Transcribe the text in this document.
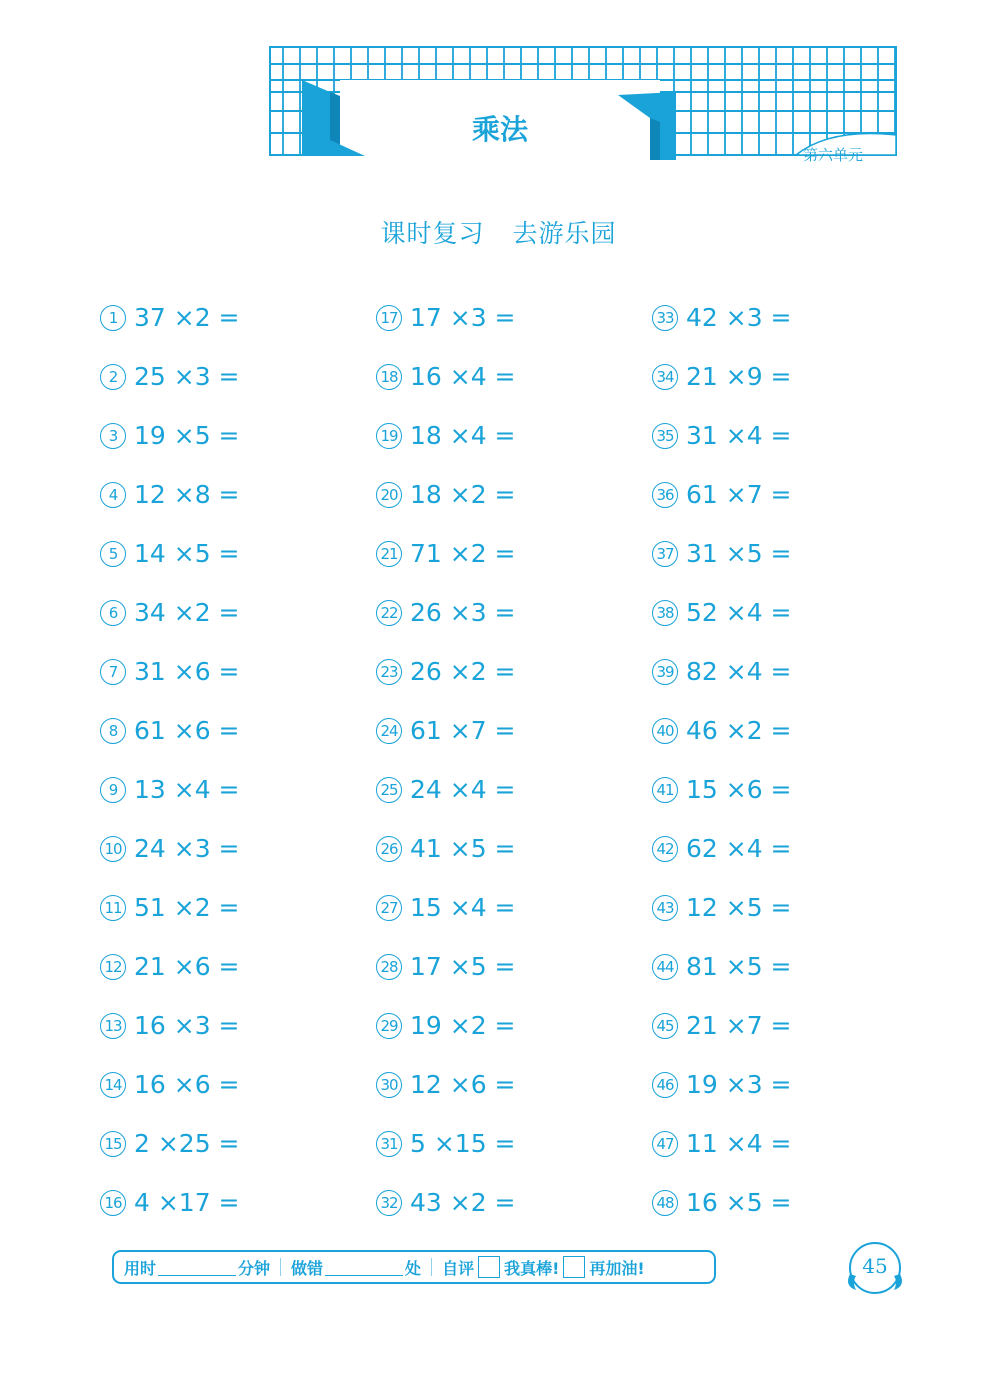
乘法
第六单元
课时复习 去游乐园
1 37 ×2 =
2 25 ×3 =
3 19 ×5 =
4 12 ×8 =
5 14 ×5 =
6 34 ×2 =
7 31 ×6 =
8 61 ×6 =
9 13 ×4 =
10 24 ×3 =
11 51 ×2 =
12 21 ×6 =
13 16 ×3 =
14 16 ×6 =
15 2 ×25 =
16 4 ×17 =
17 17 ×3 =
18 16 ×4 =
19 18 ×4 =
20 18 ×2 =
21 71 ×2 =
22 26 ×3 =
23 26 ×2 =
24 61 ×7 =
25 24 ×4 =
26 41 ×5 =
27 15 ×4 =
28 17 ×5 =
29 19 ×2 =
30 12 ×6 =
31 5 ×15 =
32 43 ×2 =
33 42 ×3 =
34 21 ×9 =
35 31 ×4 =
36 61 ×7 =
37 31 ×5 =
38 52 ×4 =
39 82 ×4 =
40 46 ×2 =
41 15 ×6 =
42 62 ×4 =
43 12 ×5 =
44 81 ×5 =
45 21 ×7 =
46 19 ×3 =
47 11 ×4 =
48 16 ×5 =
用时	分钟 做错	处 自评 我真棒! 再加油!	45
